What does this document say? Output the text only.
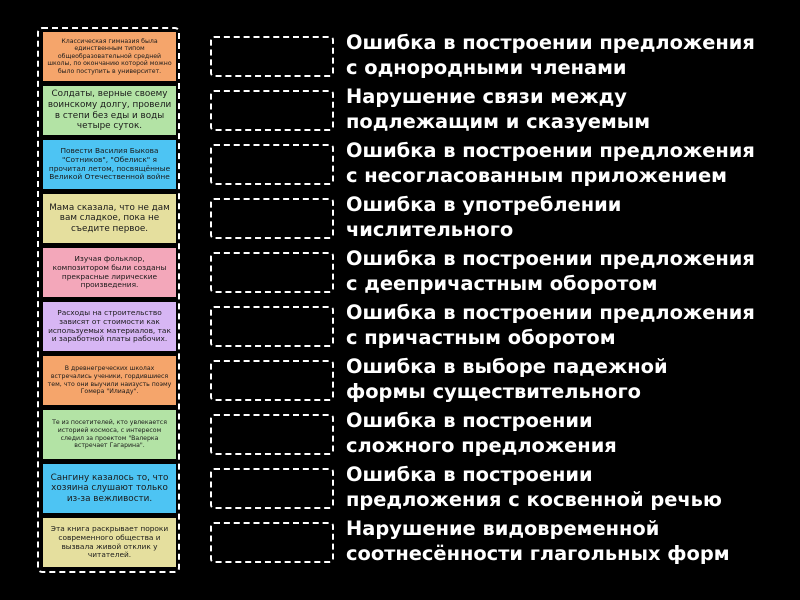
Классическая гимназия была единственным типом общеобразовательной средней школы, по окончанию которой можно было поступить в университет.
Солдаты, верные своему воинскому долгу, провели в степи без еды и воды четыре суток.
Повести Василия Быкова "Сотников", "Обелиск" я прочитал летом, посвящённые Великой Отечественной войне
Мама сказала, что не дам вам сладкое, пока не съедите первое.
Изучая фольклор, композитором были созданы прекрасные лирические произведения.
Расходы на строительство зависят от стоимости как используемых материалов, так и заработной платы рабочих.
В древнегреческих школах встречались ученики, гордившиеся тем, что они выучили наизусть поэму Гомера "Илиаду".
Те из посетителей, кто увлекается историей космоса, с интересом следил за проектом "Валерка встречает Гагарина".
Сангину казалось то, что хозяина слушают только из-за вежливости.
Эта книга раскрывает пороки современного общества и вызвала живой отклик у читателей.
Ошибка в построении предложения
с однородными членами
Нарушение связи между
подлежащим и сказуемым
Ошибка в построении предложения
с несогласованным приложением
Ошибка в употреблении
числительного
Ошибка в построении предложения
с деепричастным оборотом
Ошибка в построении предложения
с причастным оборотом
Ошибка в выборе падежной
формы существительного
Ошибка в построении
сложного предложения
Ошибка в построении
предложения с косвенной речью
Нарушение видовременной
соотнесённости глагольных форм
